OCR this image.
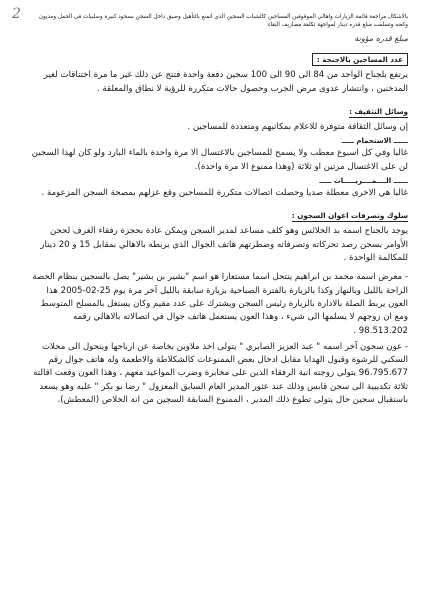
2	بالاشكال مراجعة قائمة الزيارات واهالي الموقوفين المساجين كالشباب السجين الذي اتمنع بالتأهيل وصيق داخل السجن بسجود كبيرة وسلبيات في الحمل ومديون وكعنه وتسلمت مبلغ قدره دينار لمواجهة تكلفة مصاريف البقاء

مبلغ قدره مؤونة

عدد المساجين بالاجنحة :

يرتفع بلجناح الواحد من 84 الى 90 الى 100 سجين دفعة واحدة فتتج عن ذلك غير ما مرة اختناقات لغير المدخنين ، وانتشار عدوى مرض الجرب وحصول حالات متكررة للرؤية لا نطاق والمعلقة .

وسائل التثقيف :

إن وسائل الثقافة متوفرة للاعلام بمكاتبهم ومتعددة للمساجين .

ــــــ الاستحمام ـــــ

غالبا وفي كل اسبوع معطب ولا يسمح للمساجين بالاغتسال الا مرة واحدة بالماء البارد ولو كان لهذا السجين لن على الاغتسال مرتين او ثلاثة (وهذا ممنوع الا مرة واحدة).

ــــــ الــــمــــريـــــات ـــــ

غالبا هي الاخرى معطلة صديا وحصلت اتصالات متكررة للمساجين وقع عزلهم بمصحة السجن المزعومة .

سلوك وتصرفات اعوان السجون :

يوجد بالجناح اسمه بد الخلائس وهو كلف مساعد لمدير السجن ويمكن عادة بحجزة رفقاء الغرف لحجن الأوامر بسجن رصد تحركاته وتصرفاته وضطرتهم هاتف الجوال الذي يربطه بالاهالي بمقابل 15 و 20 دينار للمكالمة الواحدة .

- معرض اسمه محمد بن ابراهيم ينتحل اسما مستعارا هو اسم "بشير بن بشير" يصل بالسجين بنظام الحصة الراحة بالليل وبالنهار وكذا بالزيارة بالفترة الصباحية بزيارة سابقة بالليل آخر مرة يوم 25-02-2005 هذا العون يربط الصلة بالادارة بالزيارة رئيس السجن ويشترك على عدد مقيم وكان يستغل بالمسلح المتوسط ومع ان زوجهم لا يسلمها الى شيء ، وهذا العون يستعمل هاتف جوال في اتصالاته بالاهالي رقمه 98.513.202 .

- عون سجون آخر اسمه " عبد العزيز الصابري " يتولى اخذ ملاوين بخاصة عن ارباحها ويتحول الى محلات السكني للرشوة وقبول الهدايا مقابل ادخال بعض الممنوعات كالشكلاطة والاطعمة وله هاتف جوال رقم 96.795.677 يتولى زوجته انية الرفقاء الذين على مخابرة وضرب المواعيد معهم ، وهذا العون وقعت اقالته ثلاثة تكديبية الى سجن قابس وذلك عند عثور المدير العام السابق المعزول " رضا بو بكر " عليه وهو يسعد باستقبال سجين حال يتولى تطوع ذلك المدير ، الممنوع السابقة السجين من انه الخلاص (المعطش).
